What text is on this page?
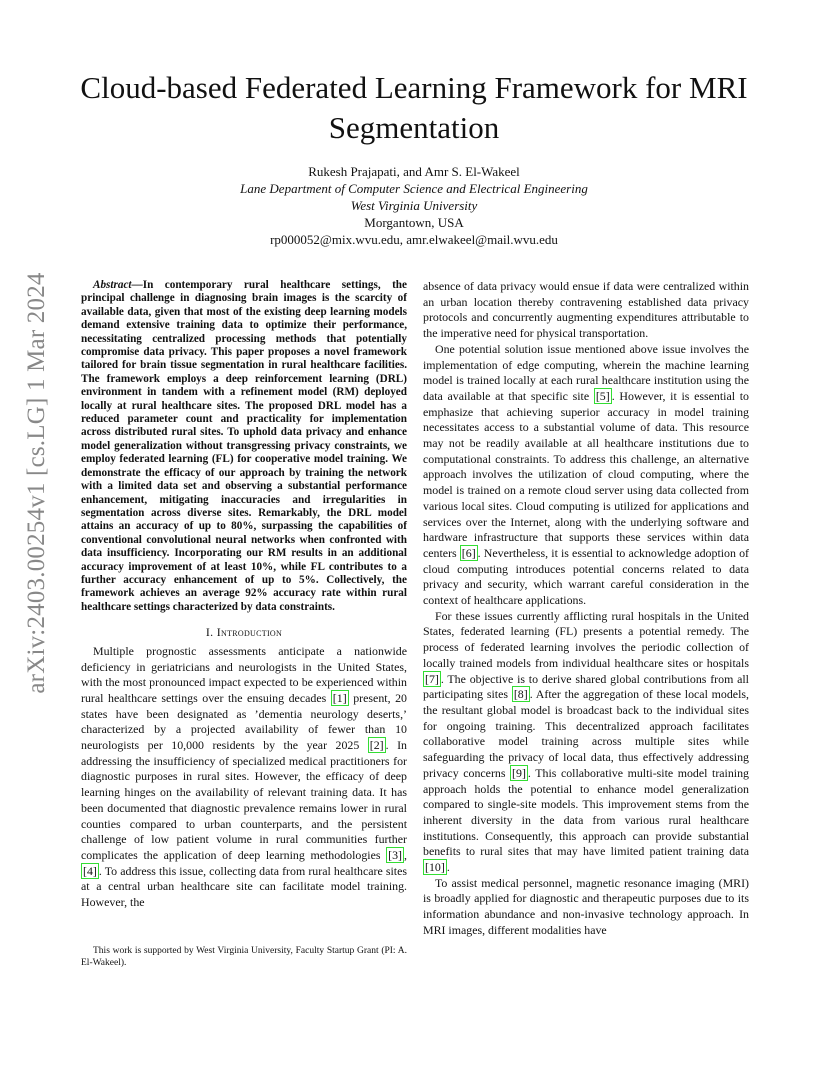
arXiv:2403.00254v1 [cs.LG] 1 Mar 2024
Cloud-based Federated Learning Framework for MRI Segmentation
Rukesh Prajapati, and Amr S. El-Wakeel
Lane Department of Computer Science and Electrical Engineering
West Virginia University
Morgantown, USA
rp000052@mix.wvu.edu, amr.elwakeel@mail.wvu.edu

Abstract—In contemporary rural healthcare settings, the principal challenge in diagnosing brain images is the scarcity of available data, given that most of the existing deep learning models demand extensive training data to optimize their performance, necessitating centralized processing methods that potentially compromise data privacy. This paper proposes a novel framework tailored for brain tissue segmentation in rural healthcare facilities. The framework employs a deep reinforcement learning (DRL) environment in tandem with a refinement model (RM) deployed locally at rural healthcare sites. The proposed DRL model has a reduced parameter count and practicality for implementation across distributed rural sites. To uphold data privacy and enhance model generalization without transgressing privacy constraints, we employ federated learning (FL) for cooperative model training. We demonstrate the efficacy of our approach by training the network with a limited data set and observing a substantial performance enhancement, mitigating inaccuracies and irregularities in segmentation across diverse sites. Remarkably, the DRL model attains an accuracy of up to 80%, surpassing the capabilities of conventional convolutional neural networks when confronted with data insufficiency. Incorporating our RM results in an additional accuracy improvement of at least 10%, while FL contributes to a further accuracy enhancement of up to 5%. Collectively, the framework achieves an average 92% accuracy rate within rural healthcare settings characterized by data constraints.

I. Introduction

Multiple prognostic assessments anticipate a nationwide deficiency in geriatricians and neurologists in the United States, with the most pronounced impact expected to be experienced within rural healthcare settings over the ensuing decades [1] present, 20 states have been designated as ’dementia neurology deserts,’ characterized by a projected availability of fewer than 10 neurologists per 10,000 residents by the year 2025 [2] . In addressing the insufficiency of specialized medical practitioners for diagnostic purposes in rural sites. However, the efficacy of deep learning hinges on the availability of relevant training data. It has been documented that diagnostic prevalence remains lower in rural counties compared to urban counterparts, and the persistent challenge of low patient volume in rural communities further complicates the application of deep learning methodologies [3] , [4] . To address this issue, collecting data from rural healthcare sites at a central urban healthcare site can facilitate model training. However, the

This work is supported by West Virginia University, Faculty Startup Grant (PI: A. El-Wakeel).

absence of data privacy would ensue if data were centralized within an urban location thereby contravening established data privacy protocols and concurrently augmenting expenditures attributable to the imperative need for physical transportation.

One potential solution issue mentioned above issue involves the implementation of edge computing, wherein the machine learning model is trained locally at each rural healthcare institution using the data available at that specific site [5] . However, it is essential to emphasize that achieving superior accuracy in model training necessitates access to a substantial volume of data. This resource may not be readily available at all healthcare institutions due to computational constraints. To address this challenge, an alternative approach involves the utilization of cloud computing, where the model is trained on a remote cloud server using data collected from various local sites. Cloud computing is utilized for applications and services over the Internet, along with the underlying software and hardware infrastructure that supports these services within data centers [6] . Nevertheless, it is essential to acknowledge adoption of cloud computing introduces potential concerns related to data privacy and security, which warrant careful consideration in the context of healthcare applications.

For these issues currently afflicting rural hospitals in the United States, federated learning (FL) presents a potential remedy. The process of federated learning involves the periodic collection of locally trained models from individual healthcare sites or hospitals [7] . The objective is to derive shared global contributions from all participating sites [8] . After the aggregation of these local models, the resultant global model is broadcast back to the individual sites for ongoing training. This decentralized approach facilitates collaborative model training across multiple sites while safeguarding the privacy of local data, thus effectively addressing privacy concerns [9] . This collaborative multi-site model training approach holds the potential to enhance model generalization compared to single-site models. This improvement stems from the inherent diversity in the data from various rural healthcare institutions. Consequently, this approach can provide substantial benefits to rural sites that may have limited patient training data [10] .

To assist medical personnel, magnetic resonance imaging (MRI) is broadly applied for diagnostic and therapeutic purposes due to its information abundance and non-invasive technology approach. In MRI images, different modalities have
